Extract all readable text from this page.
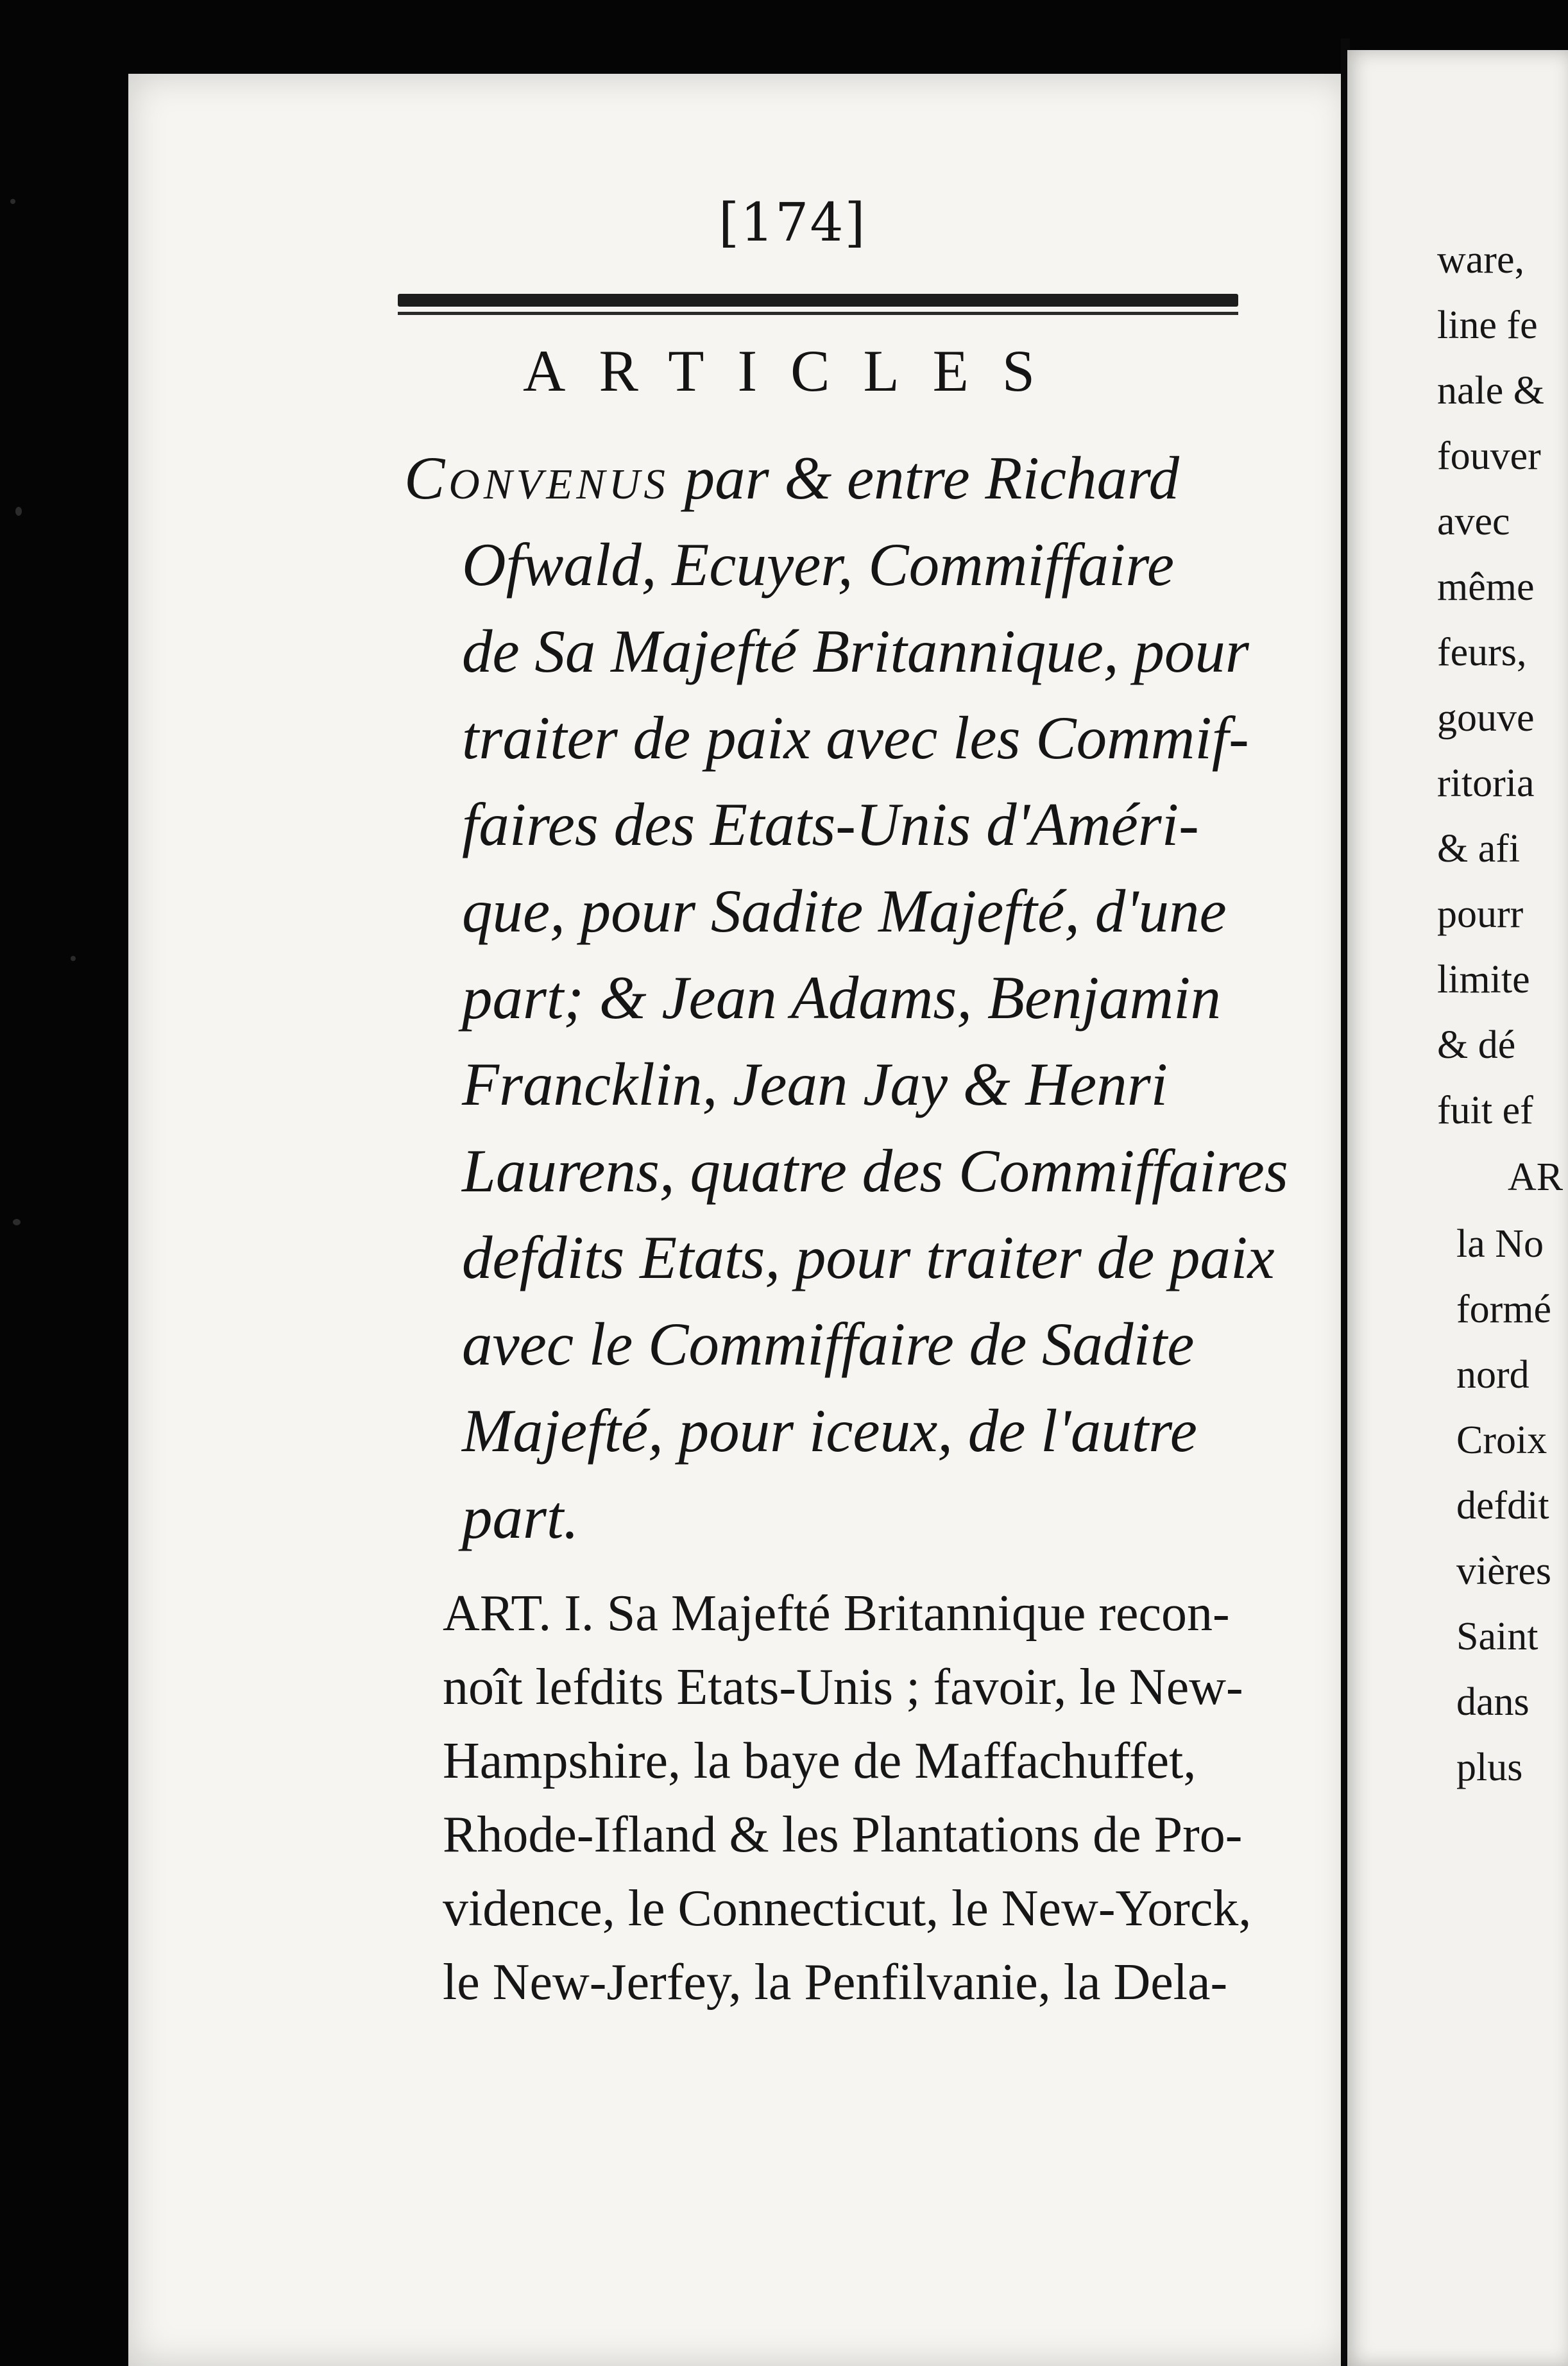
[174]
ARTICLES
Convenus par & entre Richard
Ofwald, Ecuyer, Commiffaire
de Sa Majefté Britannique, pour
traiter de paix avec les Commif-
faires des Etats-Unis d'Améri-
que, pour Sadite Majefté, d'une
part; & Jean Adams, Benjamin
Francklin, Jean Jay & Henri
Laurens, quatre des Commiffaires
defdits Etats, pour traiter de paix
avec le Commiffaire de Sadite
Majefté, pour iceux, de l'autre
part.
ART. I. Sa Majefté Britannique recon-
noît lefdits Etats-Unis ; favoir, le New-
Hampshire, la baye de Maffachuffet,
Rhode-Ifland & les Plantations de Pro-
vidence, le Connecticut, le New-Yorck,
le New-Jerfey, la Penfilvanie, la Dela-
ware,
line fe
nale &
fouver
avec
même
feurs,
gouve
ritoria
& afi
pourr
limite
& dé
fuit ef
AR
la No
formé
nord
Croix
defdit
vières
Saint
dans
plus
